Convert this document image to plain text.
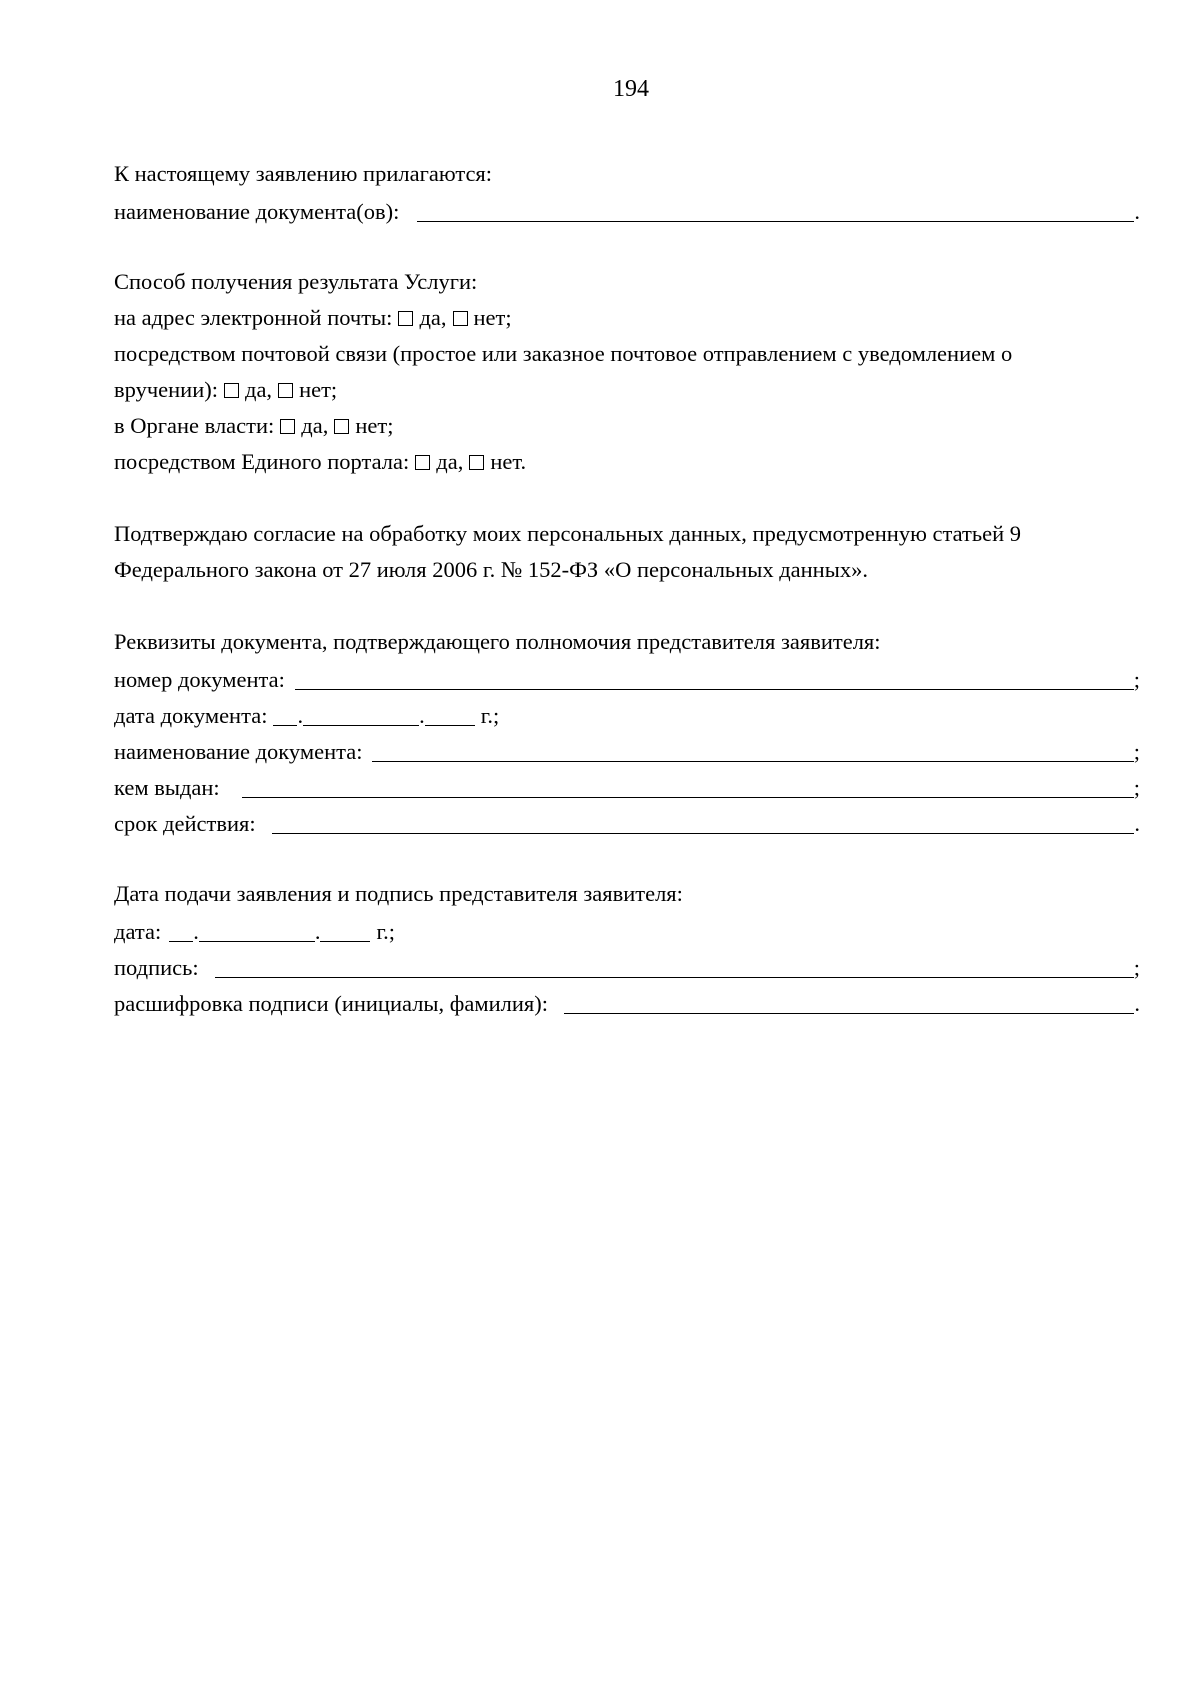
194
К настоящему заявлению прилагаются:
наименование документа(ов):	.
Способ получения результата Услуги:
на адрес электронной почты: да, нет;
посредством почтовой связи (простое или заказное почтовое отправлением с уведомлением о
вручении): да, нет;
в Органе власти: да, нет;
посредством Единого портала: да, нет.
Подтверждаю согласие на обработку моих персональных данных, предусмотренную статьей 9
Федерального закона от 27 июля 2006 г. № 152-ФЗ «О персональных данных».
Реквизиты документа, подтверждающего полномочия представителя заявителя:
номер документа:	;
дата документа: .	. г.;
наименование документа:	;
кем выдан:	;
срок действия:	.
Дата подачи заявления и подпись представителя заявителя:
дата: .	. г.;
подпись:	;
расшифровка подписи (инициалы, фамилия):	.
